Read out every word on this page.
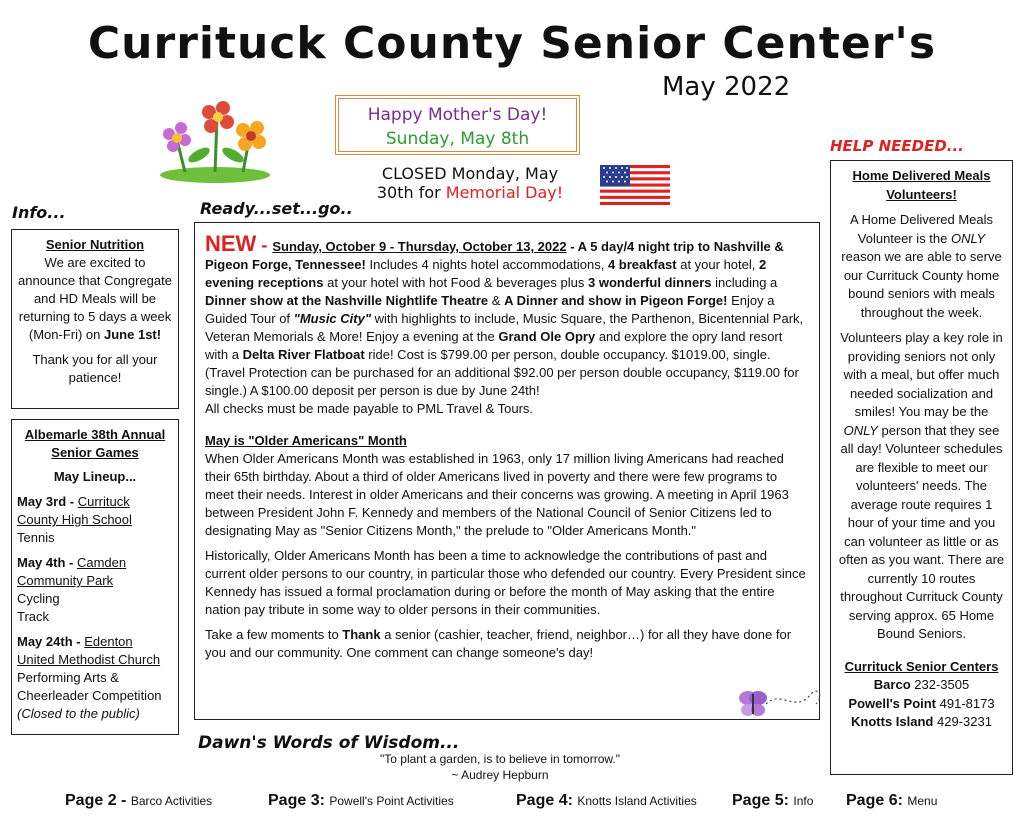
Currituck County Senior Center's
May 2022
Happy Mother's Day!
Sunday, May 8th
CLOSED Monday, May
30th for Memorial Day!
Info...	Ready...set...go..
HELP NEEDED...
Dawn's Words of Wisdom...
Senior Nutrition
We are excited to announce that Congregate and HD Meals will be returning to 5 days a week (Mon-Fri) on June 1st!
Thank you for all your patience!
Albemarle 38th Annual Senior Games
May Lineup...
May 3rd - Currituck County High School
Tennis
May 4th - Camden Community Park
Cycling
Track
May 24th - Edenton United Methodist Church
Performing Arts & Cheerleader Competition
(Closed to the public)
NEW - Sunday, October 9 - Thursday, October 13, 2022 - A 5 day/4 night trip to Nashville & Pigeon Forge, Tennessee! Includes 4 nights hotel accommodations, 4 breakfast at your hotel, 2 evening receptions at your hotel with hot Food & beverages plus 3 wonderful dinners including a Dinner show at the Nashville Nightlife Theatre & A Dinner and show in Pigeon Forge! Enjoy a Guided Tour of "Music City" with highlights to include, Music Square, the Parthenon, Bicentennial Park, Veteran Memorials & More! Enjoy a evening at the Grand Ole Opry and explore the opry land resort with a Delta River Flatboat ride! Cost is $799.00 per person, double occupancy. $1019.00, single. (Travel Protection can be purchased for an additional $92.00 per person double occupancy, $119.00 for single.) A $100.00 deposit per person is due by June 24th!
All checks must be made payable to PML Travel & Tours.
May is "Older Americans" Month
When Older Americans Month was established in 1963, only 17 million living Americans had reached their 65th birthday. About a third of older Americans lived in poverty and there were few programs to meet their needs. Interest in older Americans and their concerns was growing. A meeting in April 1963 between President John F. Kennedy and members of the National Council of Senior Citizens led to designating May as "Senior Citizens Month," the prelude to "Older Americans Month."
Historically, Older Americans Month has been a time to acknowledge the contributions of past and current older persons to our country, in particular those who defended our country. Every President since Kennedy has issued a formal proclamation during or before the month of May asking that the entire nation pay tribute in some way to older persons in their communities.
Take a few moments to Thank a senior (cashier, teacher, friend, neighbor…) for all they have done for you and our community. One comment can change someone's day!
Home Delivered Meals Volunteers!
A Home Delivered Meals Volunteer is the ONLY reason we are able to serve our Currituck County home bound seniors with meals throughout the week.
Volunteers play a key role in providing seniors not only with a meal, but offer much needed socialization and smiles! You may be the ONLY person that they see all day! Volunteer schedules are flexible to meet our volunteers' needs. The average route requires 1 hour of your time and you can volunteer as little or as often as you want. There are currently 10 routes throughout Currituck County serving approx. 65 Home Bound Seniors.
Currituck Senior Centers
Barco 232-3505
Powell's Point 491-8173
Knotts Island 429-3231
"To plant a garden, is to believe in tomorrow."
~ Audrey Hepburn
Page 2 - Barco Activities	Page 3: Powell's Point Activities	Page 4: Knotts Island Activities Page 5: Info Page 6: Menu
